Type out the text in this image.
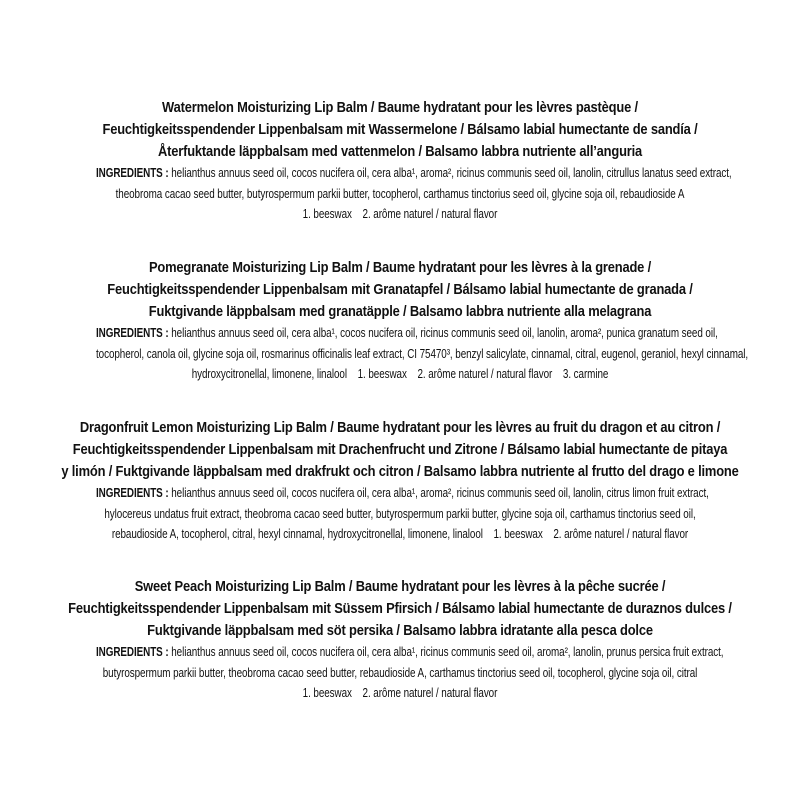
Watermelon Moisturizing Lip Balm / Baume hydratant pour les lèvres pastèque /
Feuchtigkeitsspendender Lippenbalsam mit Wassermelone / Bálsamo labial humectante de sandía /
Återfuktande läppbalsam med vattenmelon / Balsamo labbra nutriente all’anguria
INGREDIENTS : helianthus annuus seed oil, cocos nucifera oil, cera alba¹, aroma², ricinus communis seed oil, lanolin, citrullus lanatus seed extract,
theobroma cacao seed butter, butyrospermum parkii butter, tocopherol, carthamus tinctorius seed oil, glycine soja oil, rebaudioside A
1. beeswax 2. arôme naturel / natural flavor
Pomegranate Moisturizing Lip Balm / Baume hydratant pour les lèvres à la grenade /
Feuchtigkeitsspendender Lippenbalsam mit Granatapfel / Bálsamo labial humectante de granada /
Fuktgivande läppbalsam med granatäpple / Balsamo labbra nutriente alla melagrana
INGREDIENTS : helianthus annuus seed oil, cera alba¹, cocos nucifera oil, ricinus communis seed oil, lanolin, aroma², punica granatum seed oil,
tocopherol, canola oil, glycine soja oil, rosmarinus officinalis leaf extract, CI 75470³, benzyl salicylate, cinnamal, citral, eugenol, geraniol, hexyl cinnamal,
hydroxycitronellal, limonene, linalool 1. beeswax 2. arôme naturel / natural flavor 3. carmine
Dragonfruit Lemon Moisturizing Lip Balm / Baume hydratant pour les lèvres au fruit du dragon et au citron /
Feuchtigkeitsspendender Lippenbalsam mit Drachenfrucht und Zitrone / Bálsamo labial humectante de pitaya
y limón / Fuktgivande läppbalsam med drakfrukt och citron / Balsamo labbra nutriente al frutto del drago e limone
INGREDIENTS : helianthus annuus seed oil, cocos nucifera oil, cera alba¹, aroma², ricinus communis seed oil, lanolin, citrus limon fruit extract,
hylocereus undatus fruit extract, theobroma cacao seed butter, butyrospermum parkii butter, glycine soja oil, carthamus tinctorius seed oil,
rebaudioside A, tocopherol, citral, hexyl cinnamal, hydroxycitronellal, limonene, linalool 1. beeswax 2. arôme naturel / natural flavor
Sweet Peach Moisturizing Lip Balm / Baume hydratant pour les lèvres à la pêche sucrée /
Feuchtigkeitsspendender Lippenbalsam mit Süssem Pfirsich / Bálsamo labial humectante de duraznos dulces /
Fuktgivande läppbalsam med söt persika / Balsamo labbra idratante alla pesca dolce
INGREDIENTS : helianthus annuus seed oil, cocos nucifera oil, cera alba¹, ricinus communis seed oil, aroma², lanolin, prunus persica fruit extract,
butyrospermum parkii butter, theobroma cacao seed butter, rebaudioside A, carthamus tinctorius seed oil, tocopherol, glycine soja oil, citral
1. beeswax 2. arôme naturel / natural flavor
